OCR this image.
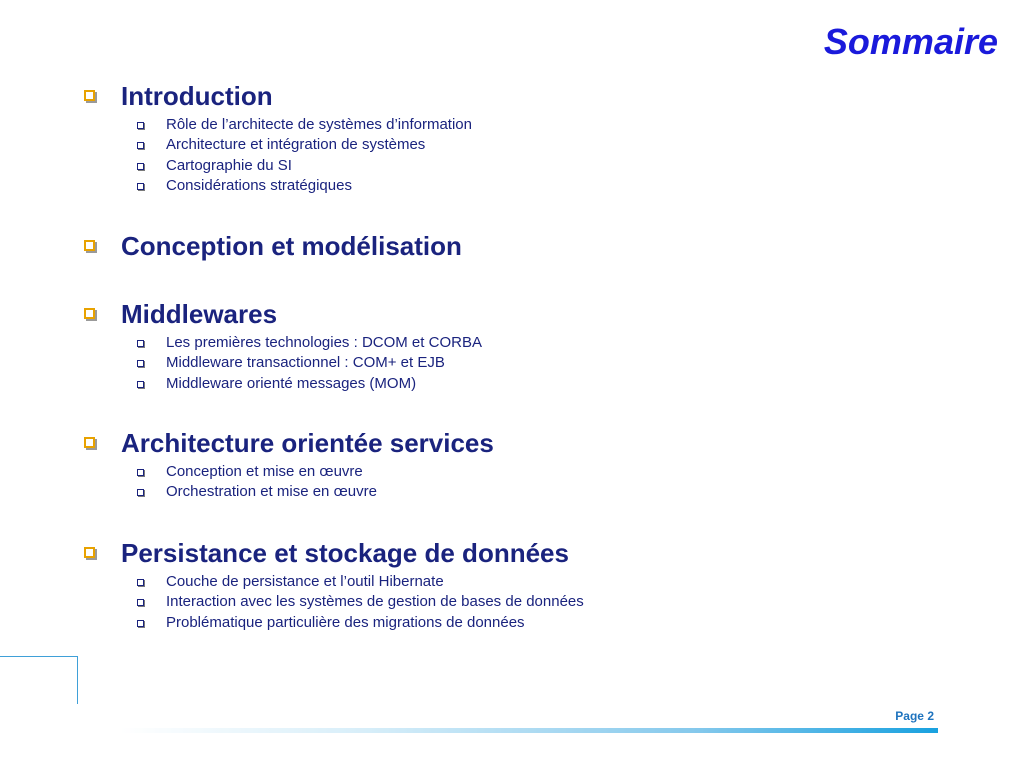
Sommaire
Introduction
Rôle de l’architecte de systèmes d’information
Architecture et intégration de systèmes
Cartographie du SI
Considérations stratégiques
Conception et modélisation
Middlewares
Les premières technologies : DCOM et CORBA
Middleware transactionnel : COM+ et EJB
Middleware orienté messages (MOM)
Architecture orientée services
Conception et mise en œuvre
Orchestration et mise en œuvre
Persistance et stockage de données
Couche de persistance et l’outil Hibernate
Interaction avec les systèmes de gestion de bases de données
Problématique particulière des migrations de données
Page 2
